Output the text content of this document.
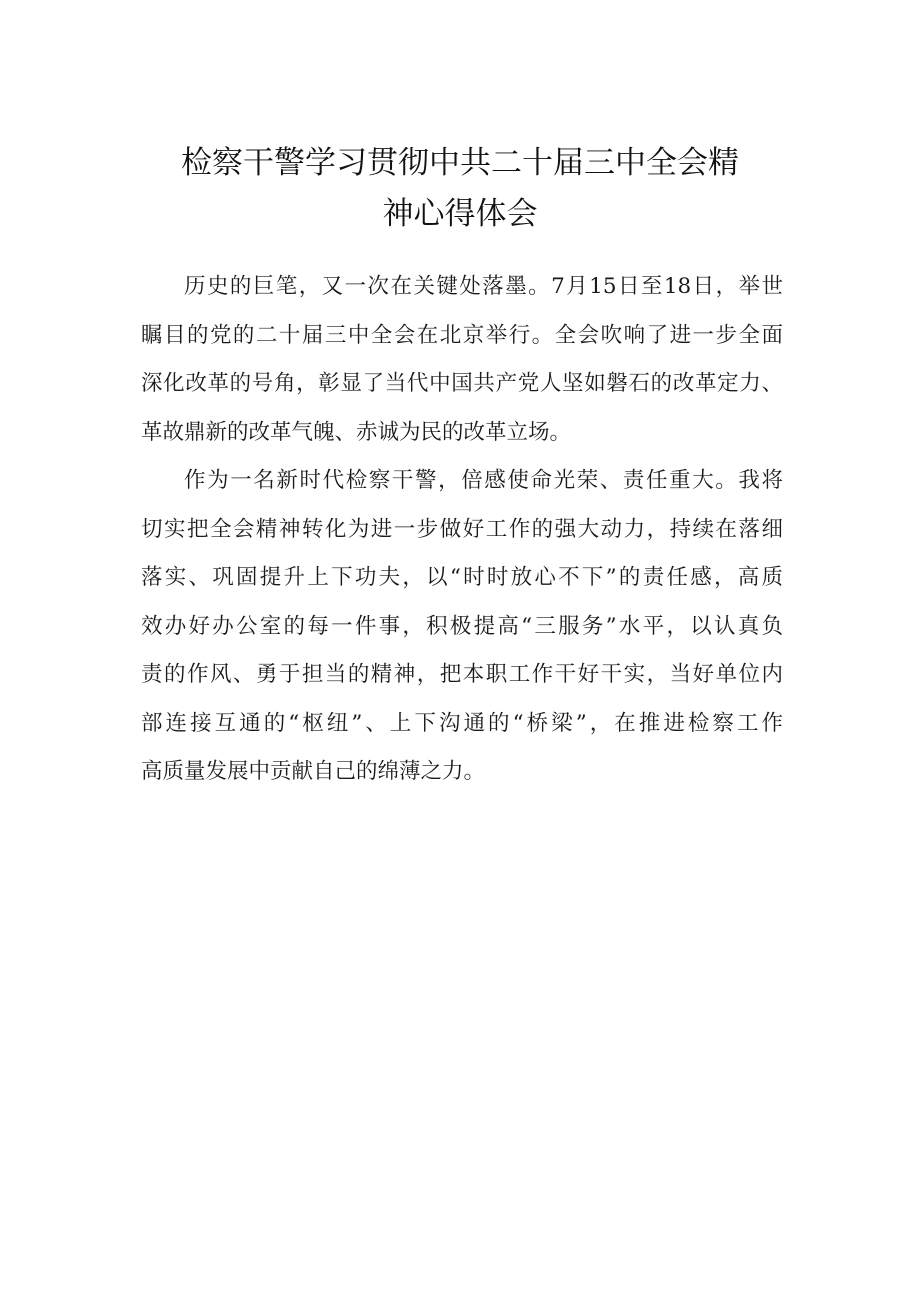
检察干警学习贯彻中共二十届三中全会精
神心得体会
历史的巨笔，又一次在关键处落墨。7月15日至18日，举世
瞩目的党的二十届三中全会在北京举行。全会吹响了进一步全面
深化改革的号角，彰显了当代中国共产党人坚如磐石的改革定力、
革故鼎新的改革气魄、赤诚为民的改革立场。
作为一名新时代检察干警，倍感使命光荣、责任重大。我将
切实把全会精神转化为进一步做好工作的强大动力，持续在落细
落实、巩固提升上下功夫，以“时时放心不下”的责任感，高质
效办好办公室的每一件事，积极提高“三服务”水平，以认真负
责的作风、勇于担当的精神，把本职工作干好干实，当好单位内
部连接互通的“枢纽”、上下沟通的“桥梁”，在推进检察工作
高质量发展中贡献自己的绵薄之力。
